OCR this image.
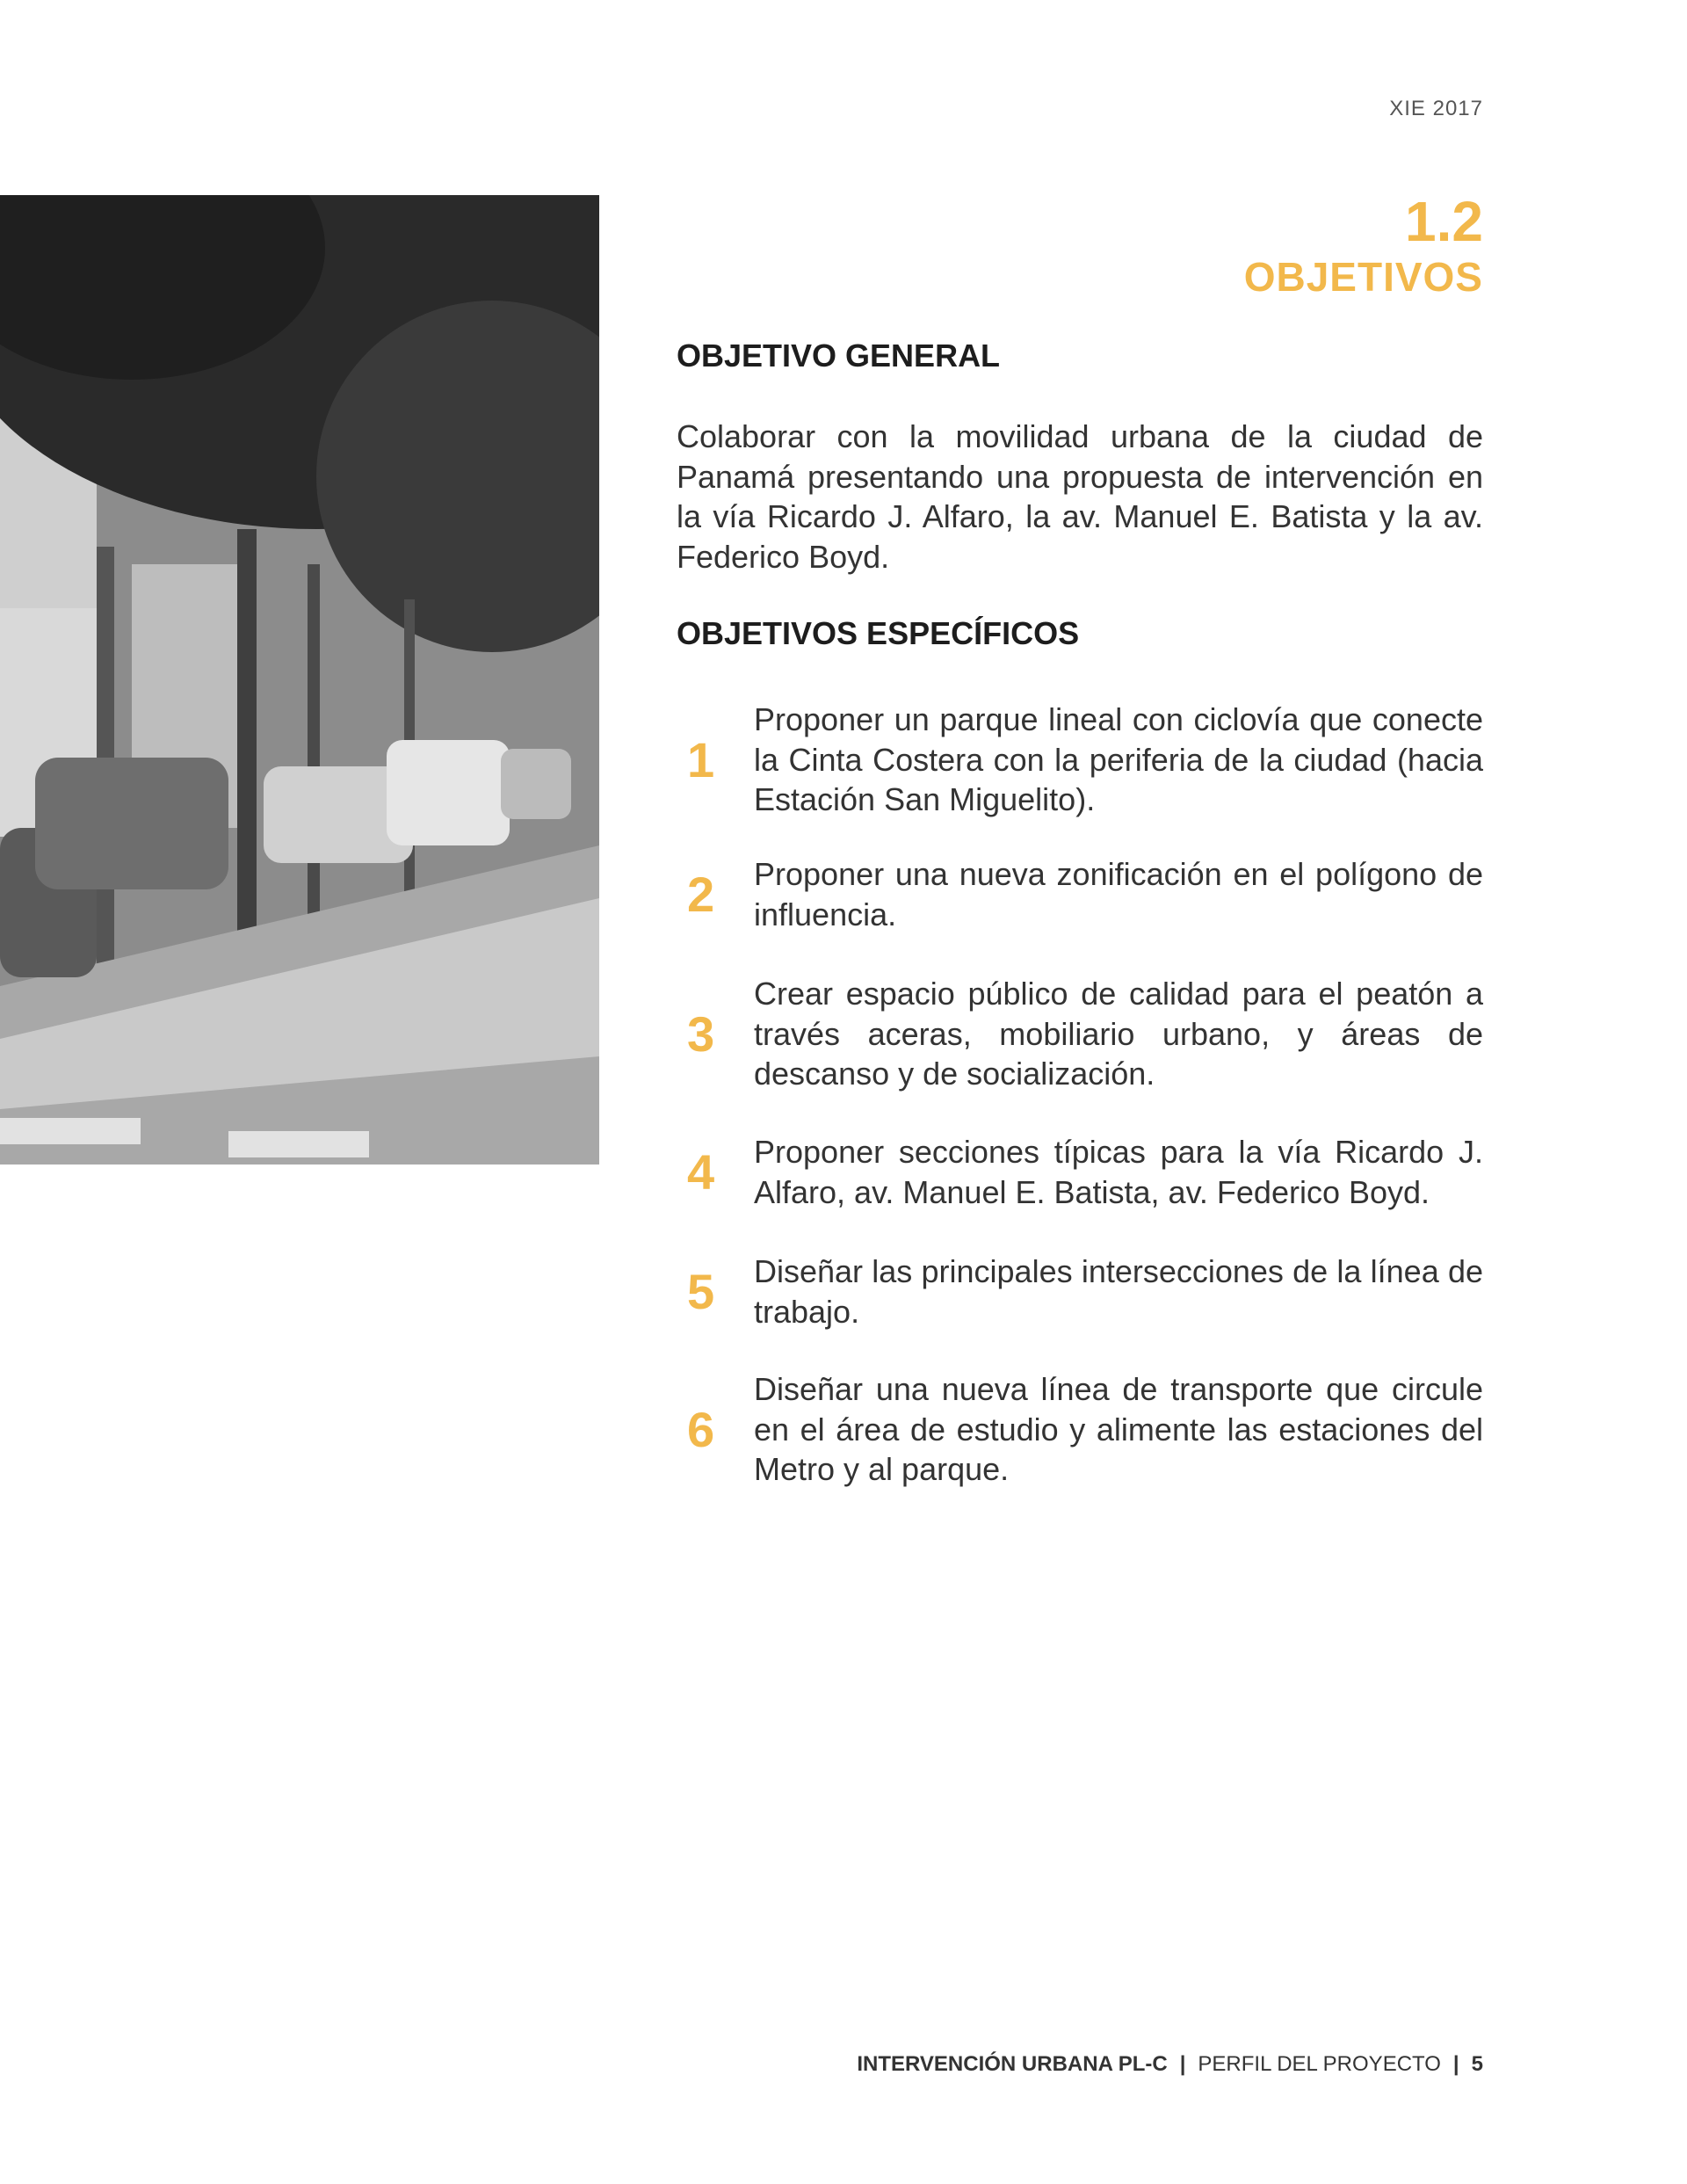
XIE 2017
1.2
OBJETIVOS
OBJETIVO GENERAL
Colaborar con la movilidad urbana de la ciudad de Panamá presentando una propuesta de intervención en la vía Ricardo J. Alfaro, la av. Manuel E. Batista y la av. Federico Boyd.
OBJETIVOS ESPECÍFICOS
1
Proponer un parque lineal con ciclovía que conecte la Cinta Costera con la periferia de la ciudad (hacia Estación San Miguelito).
2	Proponer una nueva zonificación en el polígono de influencia.
3
Crear espacio público de calidad para el peatón a través aceras, mobiliario urbano, y áreas de descanso y de socialización.
4	Proponer secciones típicas para la vía Ricardo J. Alfaro, av. Manuel E. Batista, av. Federico Boyd.
5	Diseñar las principales intersecciones de la línea de trabajo.
6
Diseñar una nueva línea de transporte que circule en el área de estudio y alimente las estaciones del Metro y al parque.
INTERVENCIÓN URBANA PL-C | PERFIL DEL PROYECTO | 5
